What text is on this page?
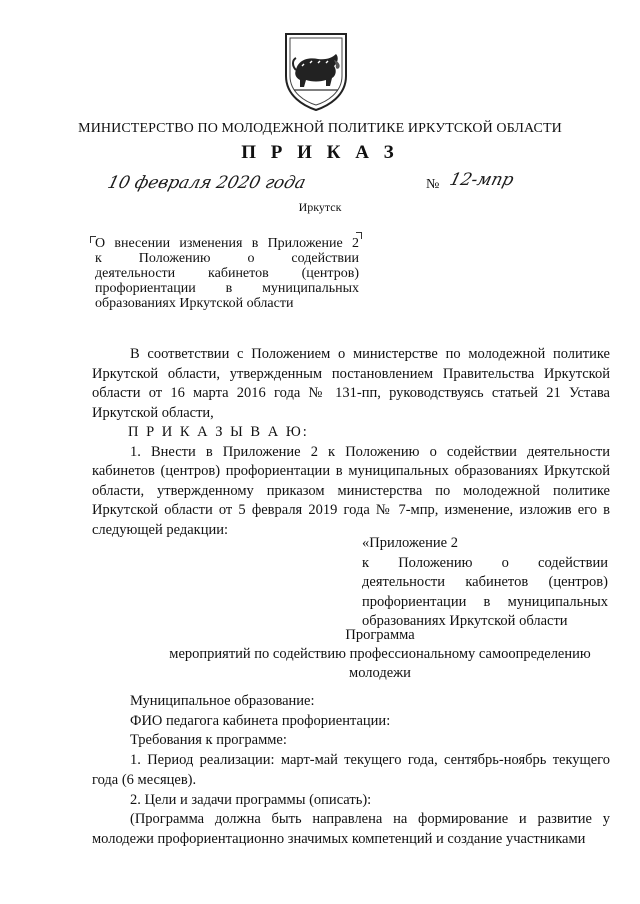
МИНИСТЕРСТВО ПО МОЛОДЕЖНОЙ ПОЛИТИКЕ ИРКУТСКОЙ ОБЛАСТИ
П Р И К А З
10 февраля 2020 года	№ 12-мпр
Иркутск
О внесении изменения в Приложение 2
к Положению о содействии
деятельности кабинетов (центров)
профориентации в муниципальных
образованиях Иркутской области
В соответствии с Положением о министерстве по молодежной политике Иркутской области, утвержденным постановлением Правительства Иркутской области от 16 марта 2016 года № 131-пп, руководствуясь статьей 21 Устава Иркутской области,
П Р И К А З Ы В А Ю:
1. Внести в Приложение 2 к Положению о содействии деятельности кабинетов (центров) профориентации в муниципальных образованиях Иркутской области, утвержденному приказом министерства по молодежной политике Иркутской области от 5 февраля 2019 года № 7-мпр, изменение, изложив его в следующей редакции:
«Приложение 2
к Положению о содействии
деятельности кабинетов (центров)
профориентации в муниципальных
образованиях Иркутской области
Программа
мероприятий по содействию профессиональному самоопределению
молодежи
Муниципальное образование:
ФИО педагога кабинета профориентации:
Требования к программе:
1. Период реализации: март-май текущего года, сентябрь-ноябрь текущего года (6 месяцев).
2. Цели и задачи программы (описать):
(Программа должна быть направлена на формирование и развитие у молодежи профориентационно значимых компетенций и создание участниками
